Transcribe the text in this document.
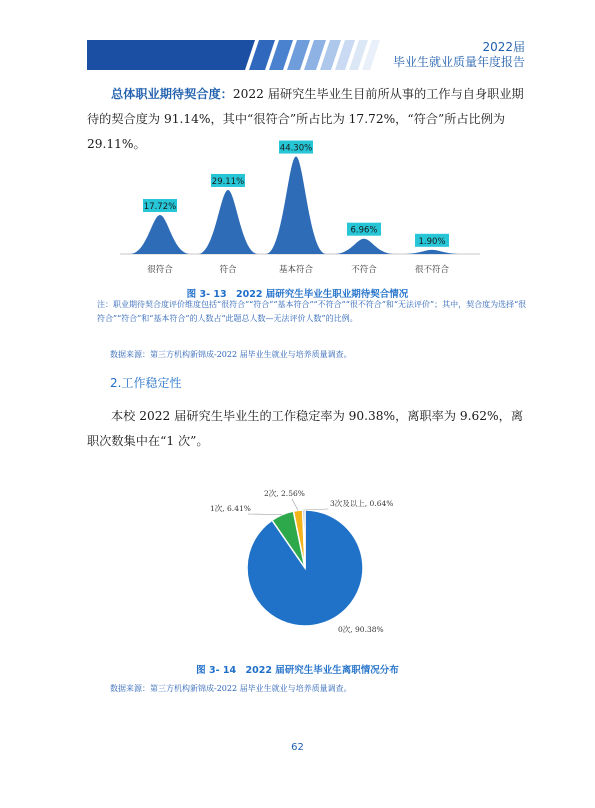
2022届
毕业生就业质量年度报告
总体职业期待契合度：2022 届研究生毕业生目前所从事的工作与自身职业期待的契合度为 91.14%，其中“很符合”所占比为 17.72%，“符合”所占比例为 29.11%。
17.72%
很符合
29.11%
符合
44.30%
基本符合
6.96%
不符合
1.90%
很不符合
图 3- 13　2022 届研究生毕业生职业期待契合情况
注：职业期待契合度评价维度包括“很符合”“符合”“基本符合”“不符合”“很不符合”和“无法评价”；其中，契合度为选择“很符合”“符合”和“基本符合”的人数占“此题总人数—无法评价人数”的比例。
数据来源：第三方机构新锦成-2022 届毕业生就业与培养质量调查。
2.工作稳定性
本校 2022 届研究生毕业生的工作稳定率为 90.38%，离职率为 9.62%，离职次数集中在“1 次”。
0次, 90.38%
1次, 6.41%
2次, 2.56%
3次及以上, 0.64%
图 3- 14　2022 届研究生毕业生离职情况分布
数据来源：第三方机构新锦成-2022 届毕业生就业与培养质量调查。
62
